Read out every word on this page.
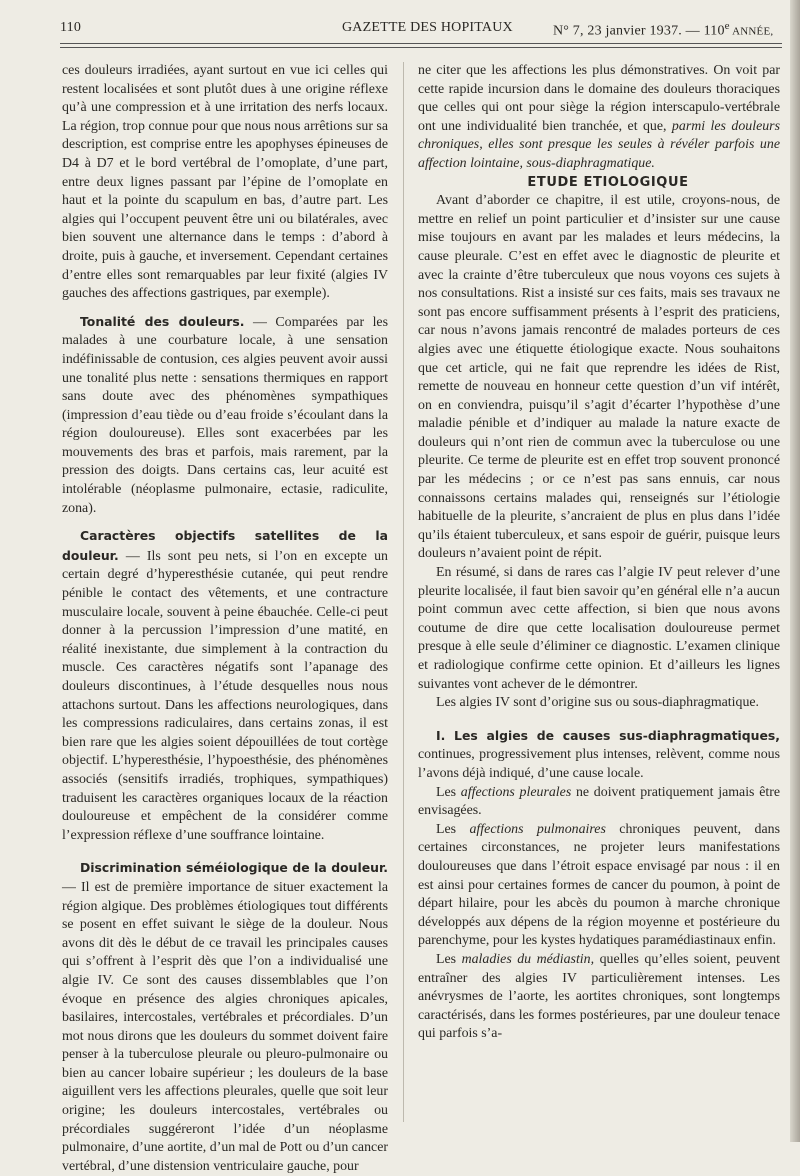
110	GAZETTE DES HOPITAUX	N° 7, 23 janvier 1937. — 110e ANNÉE,

ces douleurs irradiées, ayant surtout en vue ici celles qui restent localisées et sont plutôt dues à une origine réflexe qu’à une compression et à une irritation des nerfs locaux. La région, trop connue pour que nous nous arrêtions sur sa description, est comprise entre les apophyses épineuses de D4 à D7 et le bord vertébral de l’omoplate, d’une part, entre deux lignes passant par l’épine de l’omoplate en haut et la pointe du scapulum en bas, d’autre part. Les algies qui l’occupent peuvent être uni ou bilatérales, avec bien souvent une alternance dans le temps : d’abord à droite, puis à gauche, et inversement. Cependant certaines d’entre elles sont remarquables par leur fixité (algies IV gauches des affections gastriques, par exemple).

Tonalité des douleurs. — Comparées par les malades à une courbature locale, à une sensation indéfinissable de contusion, ces algies peuvent avoir aussi une tonalité plus nette : sensations thermiques en rapport sans doute avec des phénomènes sympathiques (impression d’eau tiède ou d’eau froide s’écoulant dans la région douloureuse). Elles sont exacerbées par les mouvements des bras et parfois, mais rarement, par la pression des doigts. Dans certains cas, leur acuité est intolérable (néoplasme pulmonaire, ectasie, radiculite, zona).

Caractères objectifs satellites de la douleur. — Ils sont peu nets, si l’on en excepte un certain degré d’hyperesthésie cutanée, qui peut rendre pénible le contact des vêtements, et une contracture musculaire locale, souvent à peine ébauchée. Celle-ci peut donner à la percussion l’impression d’une matité, en réalité inexistante, due simplement à la contraction du muscle. Ces caractères négatifs sont l’apanage des douleurs discontinues, à l’étude desquelles nous nous attachons surtout. Dans les affections neurologiques, dans les compressions radiculaires, dans certains zonas, il est bien rare que les algies soient dépouillées de tout cortège objectif. L’hyperesthésie, l’hypoesthésie, des phénomènes associés (sensitifs irradiés, trophiques, sympathiques) traduisent les caractères organiques locaux de la réaction douloureuse et empêchent de la considérer comme l’expression réflexe d’une souffrance lointaine.

Discrimination séméiologique de la douleur. — Il est de première importance de situer exactement la région algique. Des problèmes étiologiques tout différents se posent en effet suivant le siège de la douleur. Nous avons dit dès le début de ce travail les principales causes qui s’offrent à l’esprit dès que l’on a individualisé une algie IV. Ce sont des causes dissemblables que l’on évoque en présence des algies chroniques apicales, basilaires, intercostales, vertébrales et précordiales. D’un mot nous dirons que les douleurs du sommet doivent faire penser à la tuberculose pleurale ou pleuro-pulmonaire ou bien au cancer lobaire supérieur ; les douleurs de la base aiguillent vers les affections pleurales, quelle que soit leur origine; les douleurs intercostales, vertébrales ou précordiales suggéreront l’idée d’un néoplasme pulmonaire, d’une aortite, d’un mal de Pott ou d’un cancer vertébral, d’une distension ventriculaire gauche, pour

ne citer que les affections les plus démonstratives. On voit par cette rapide incursion dans le domaine des douleurs thoraciques que celles qui ont pour siège la région interscapulo-vertébrale ont une individualité bien tranchée, et que, parmi les douleurs chroniques, elles sont presque les seules à révéler parfois une affection lointaine, sous-diaphragmatique.

ETUDE ETIOLOGIQUE

Avant d’aborder ce chapitre, il est utile, croyons-nous, de mettre en relief un point particulier et d’insister sur une cause mise toujours en avant par les malades et leurs médecins, la cause pleurale. C’est en effet avec le diagnostic de pleurite et avec la crainte d’être tuberculeux que nous voyons ces sujets à nos consultations. Rist a insisté sur ces faits, mais ses travaux ne sont pas encore suffisamment présents à l’esprit des praticiens, car nous n’avons jamais rencontré de malades porteurs de ces algies avec une étiquette étiologique exacte. Nous souhaitons que cet article, qui ne fait que reprendre les idées de Rist, remette de nouveau en honneur cette question d’un vif intérêt, on en conviendra, puisqu’il s’agit d’écarter l’hypothèse d’une maladie pénible et d’indiquer au malade la nature exacte de douleurs qui n’ont rien de commun avec la tuberculose ou une pleurite. Ce terme de pleurite est en effet trop souvent prononcé par les médecins ; or ce n’est pas sans ennuis, car nous connaissons certains malades qui, renseignés sur l’étiologie habituelle de la pleurite, s’ancraient de plus en plus dans l’idée qu’ils étaient tuberculeux, et sans espoir de guérir, puisque leurs douleurs n’avaient point de répit.

En résumé, si dans de rares cas l’algie IV peut relever d’une pleurite localisée, il faut bien savoir qu’en général elle n’a aucun point commun avec cette affection, si bien que nous avons coutume de dire que cette localisation douloureuse permet presque à elle seule d’éliminer ce diagnostic. L’examen clinique et radiologique confirme cette opinion. Et d’ailleurs les lignes suivantes vont achever de le démontrer.

Les algies IV sont d’origine sus ou sous-diaphragmatique.

I. Les algies de causes sus-diaphragmatiques, continues, progressivement plus intenses, relèvent, comme nous l’avons déjà indiqué, d’une cause locale.

Les affections pleurales ne doivent pratiquement jamais être envisagées.

Les affections pulmonaires chroniques peuvent, dans certaines circonstances, ne projeter leurs manifestations douloureuses que dans l’étroit espace envisagé par nous : il en est ainsi pour certaines formes de cancer du poumon, à point de départ hilaire, pour les abcès du poumon à marche chronique développés aux dépens de la région moyenne et postérieure du parenchyme, pour les kystes hydatiques paramédiastinaux enfin.

Les maladies du médiastin, quelles qu’elles soient, peuvent entraîner des algies IV particulièrement intenses. Les anévrysmes de l’aorte, les aortites chroniques, sont longtemps caractérisés, dans les formes postérieures, par une douleur tenace qui parfois s’a-
